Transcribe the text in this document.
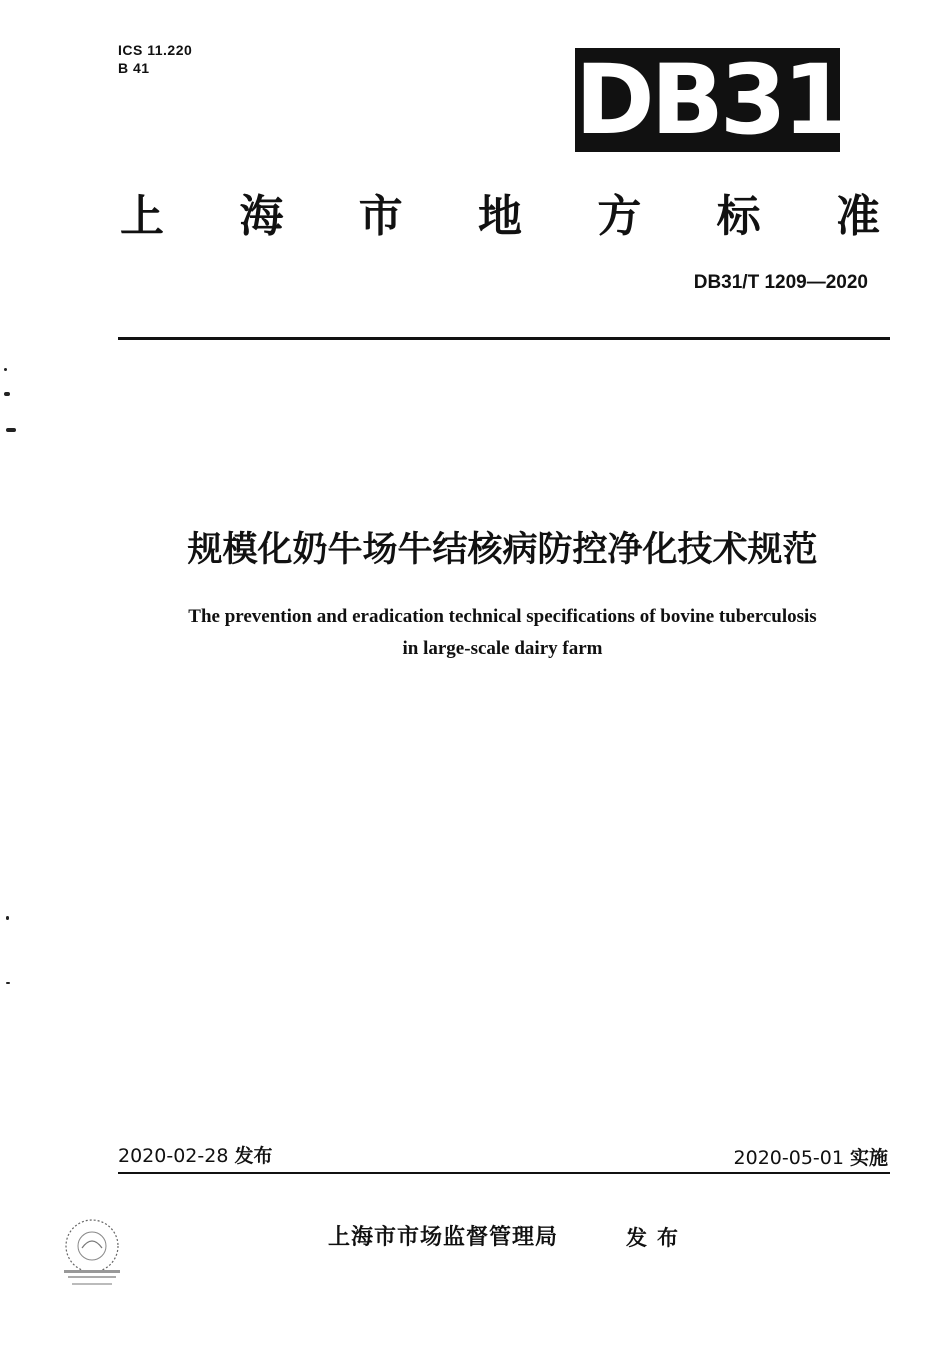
ICS 11.220
B 41	DB31
上 海 市 地 方 标 准
DB31/T 1209—2020
规模化奶牛场牛结核病防控净化技术规范
The prevention and eradication technical specifications of bovine tuberculosis
in large-scale dairy farm
2020-02-28 发布	2020-05-01 实施
上海市市场监督管理局	发布
